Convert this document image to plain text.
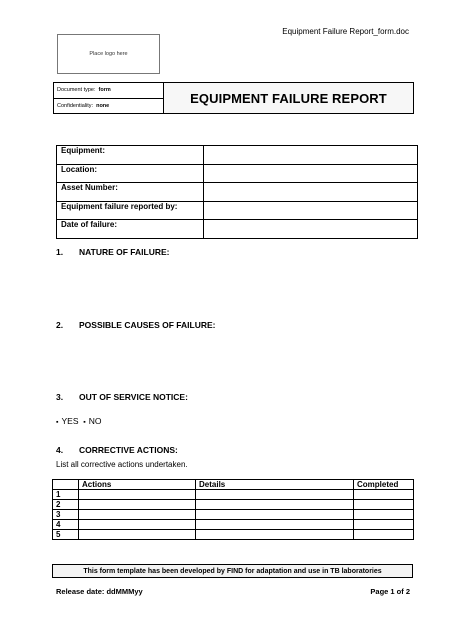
Equipment Failure Report_form.doc
Place logo here
Document type: form
Confidentiality: none
EQUIPMENT FAILURE REPORT
Equipment:	
Location:	
Asset Number:	
Equipment failure reported by:	
Date of failure:	
1. NATURE OF FAILURE:
2. POSSIBLE CAUSES OF FAILURE:
3. OUT OF SERVICE NOTICE:
▪ YES ▪ NO
4. CORRECTIVE ACTIONS:
List all corrective actions undertaken.
	Actions	Details	Completed
1			
2			
3			
4			
5			
This form template has been developed by FIND for adaptation and use in TB laboratories
Release date: ddMMMyy	Page 1 of 2
